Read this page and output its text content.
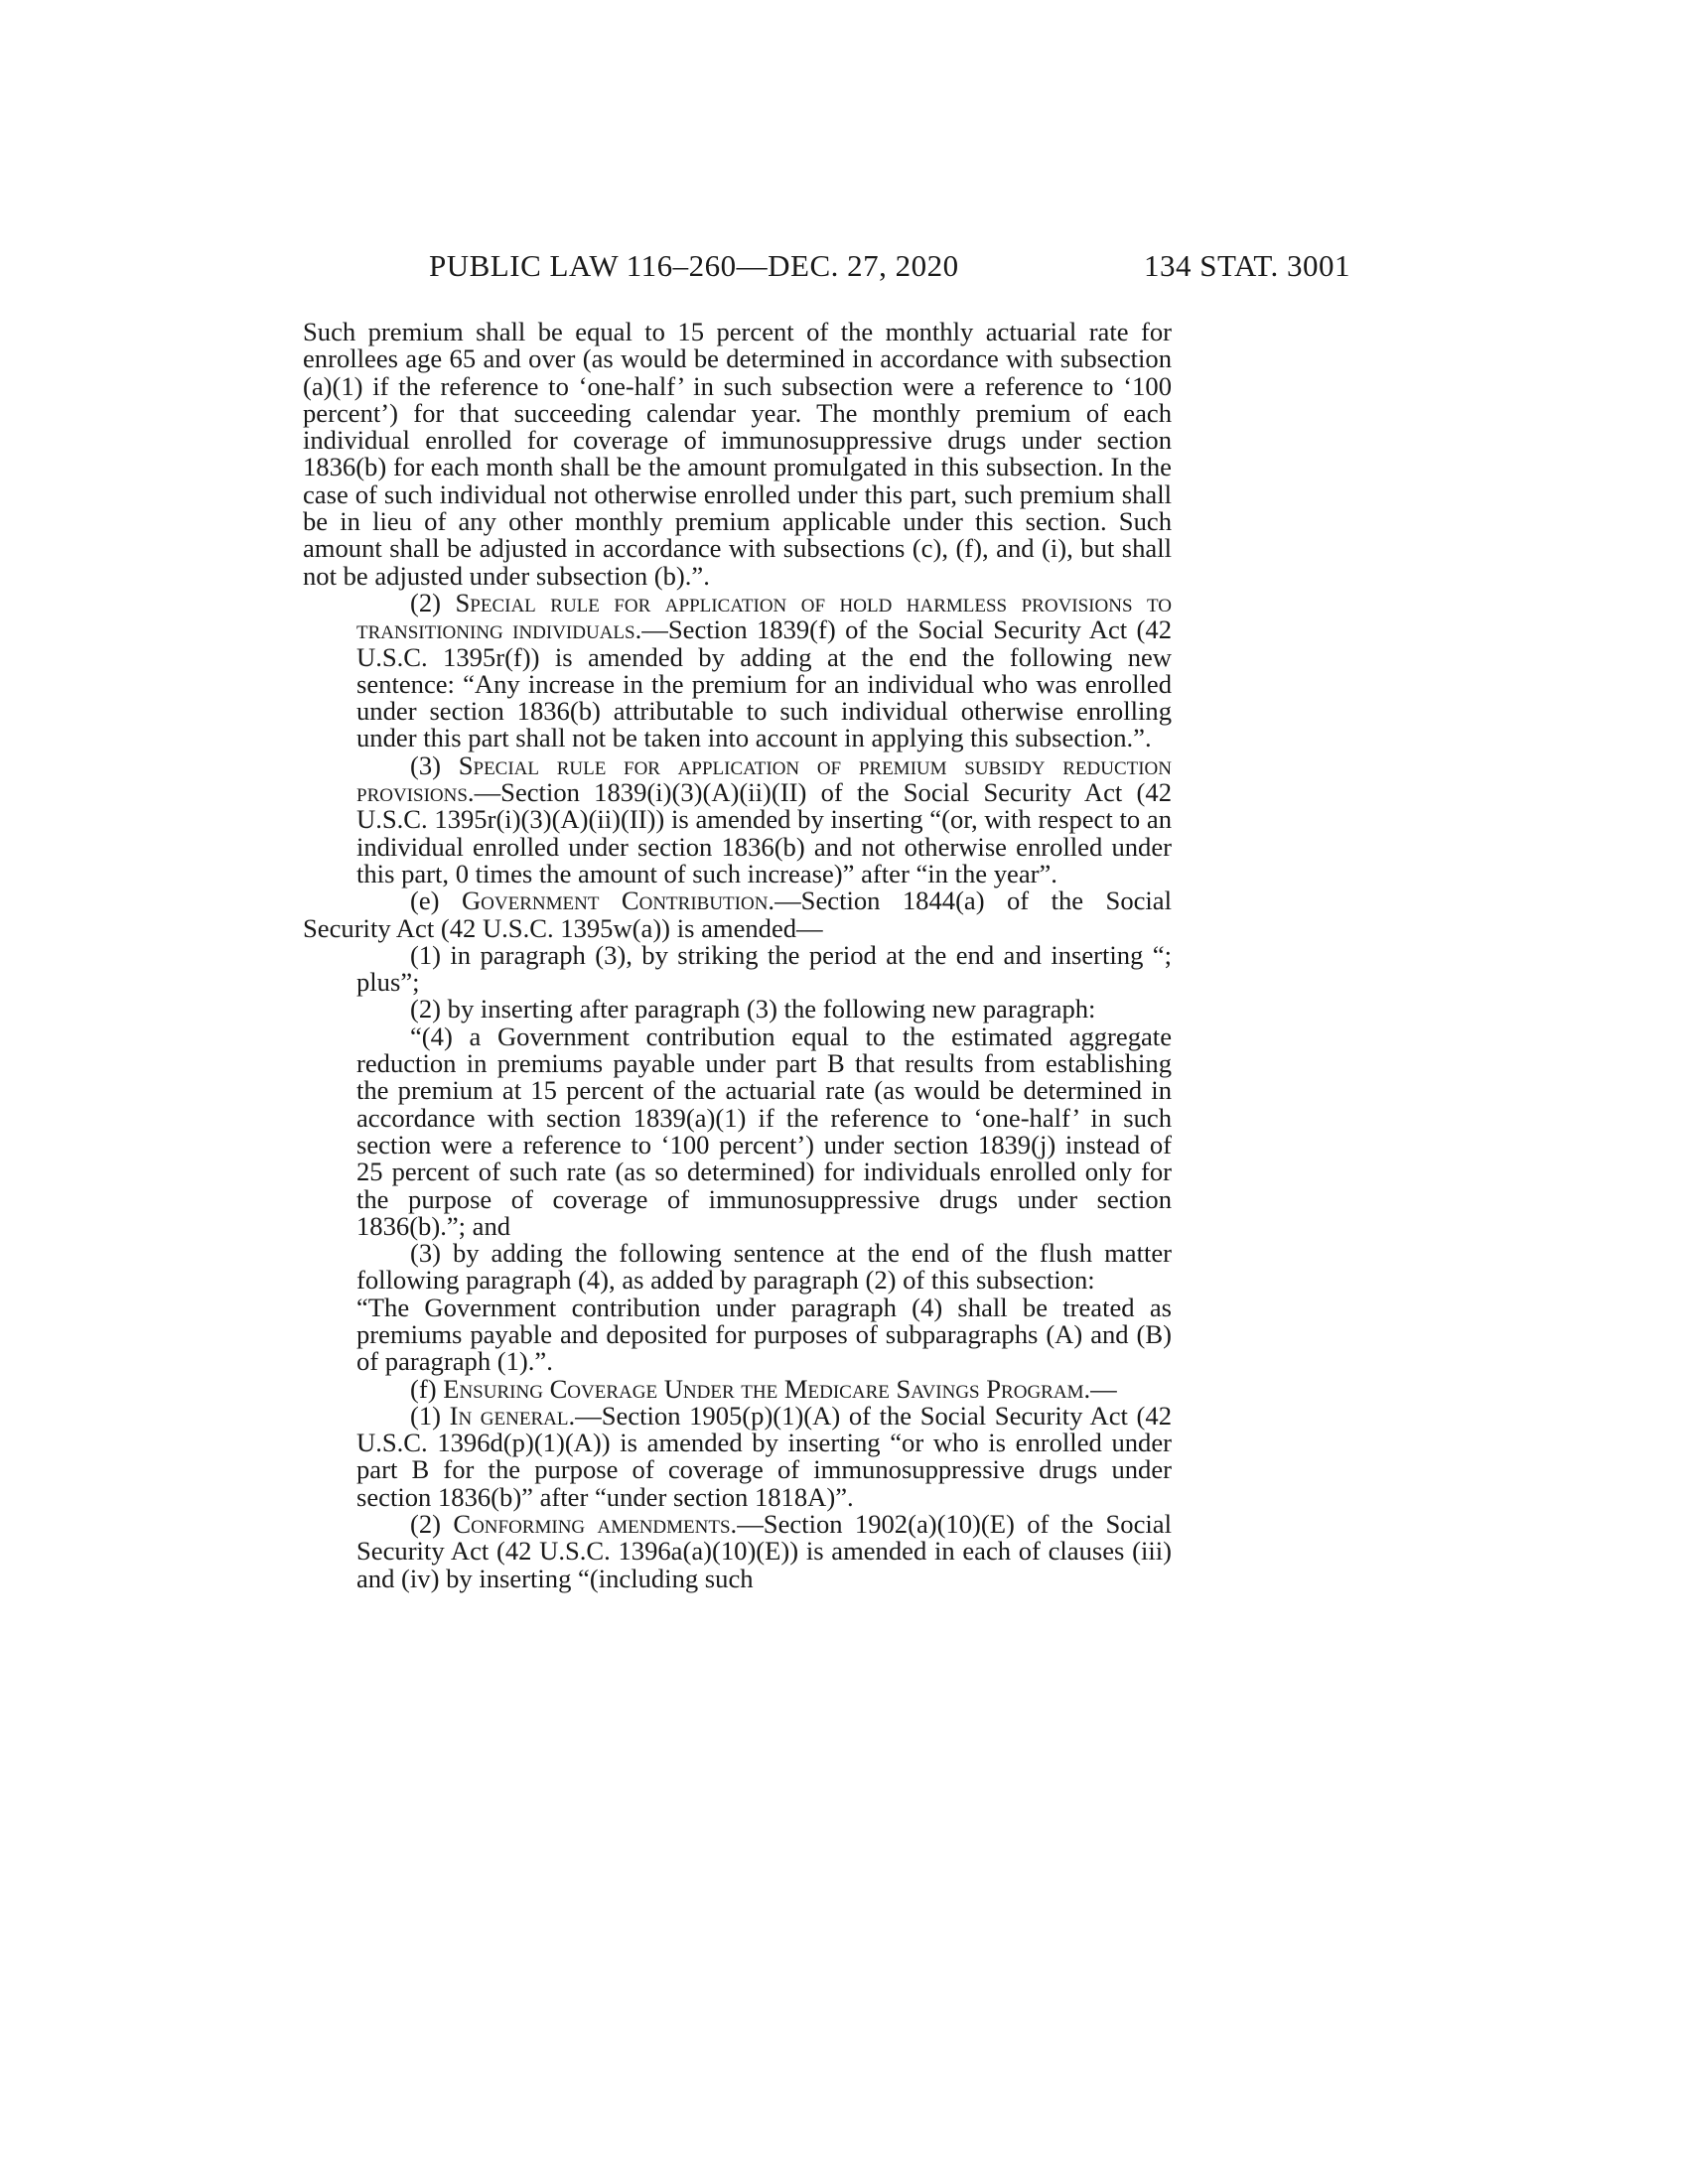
PUBLIC LAW 116–260—DEC. 27, 2020	134 STAT. 3001

Such premium shall be equal to 15 percent of the monthly actuarial rate for enrollees age 65 and over (as would be determined in accordance with subsection (a)(1) if the reference to ‘one-half’ in such subsection were a reference to ‘100 percent’) for that succeeding calendar year. The monthly premium of each individual enrolled for coverage of immunosuppressive drugs under section 1836(b) for each month shall be the amount promulgated in this subsection. In the case of such individual not otherwise enrolled under this part, such premium shall be in lieu of any other monthly premium applicable under this section. Such amount shall be adjusted in accordance with subsections (c), (f), and (i), but shall not be adjusted under subsection (b).”.

(2) Special rule for application of hold harmless provisions to transitioning individuals.—Section 1839(f) of the Social Security Act (42 U.S.C. 1395r(f)) is amended by adding at the end the following new sentence: “Any increase in the premium for an individual who was enrolled under section 1836(b) attributable to such individual otherwise enrolling under this part shall not be taken into account in applying this subsection.”.

(3) Special rule for application of premium subsidy reduction provisions.—Section 1839(i)(3)(A)(ii)(II) of the Social Security Act (42 U.S.C. 1395r(i)(3)(A)(ii)(II)) is amended by inserting “(or, with respect to an individual enrolled under section 1836(b) and not otherwise enrolled under this part, 0 times the amount of such increase)” after “in the year”.

(e) Government Contribution.—Section 1844(a) of the Social Security Act (42 U.S.C. 1395w(a)) is amended—

(1) in paragraph (3), by striking the period at the end and inserting “; plus”;

(2) by inserting after paragraph (3) the following new paragraph:

“(4) a Government contribution equal to the estimated aggregate reduction in premiums payable under part B that results from establishing the premium at 15 percent of the actuarial rate (as would be determined in accordance with section 1839(a)(1) if the reference to ‘one-half’ in such section were a reference to ‘100 percent’) under section 1839(j) instead of 25 percent of such rate (as so determined) for individuals enrolled only for the purpose of coverage of immunosuppressive drugs under section 1836(b).”; and

(3) by adding the following sentence at the end of the flush matter following paragraph (4), as added by paragraph (2) of this subsection:

“The Government contribution under paragraph (4) shall be treated as premiums payable and deposited for purposes of subparagraphs (A) and (B) of paragraph (1).”.

(f) Ensuring Coverage Under the Medicare Savings Program.—

(1) In general.—Section 1905(p)(1)(A) of the Social Security Act (42 U.S.C. 1396d(p)(1)(A)) is amended by inserting “or who is enrolled under part B for the purpose of coverage of immunosuppressive drugs under section 1836(b)” after “under section 1818A)”.

(2) Conforming amendments.—Section 1902(a)(10)(E) of the Social Security Act (42 U.S.C. 1396a(a)(10)(E)) is amended in each of clauses (iii) and (iv) by inserting “(including such
